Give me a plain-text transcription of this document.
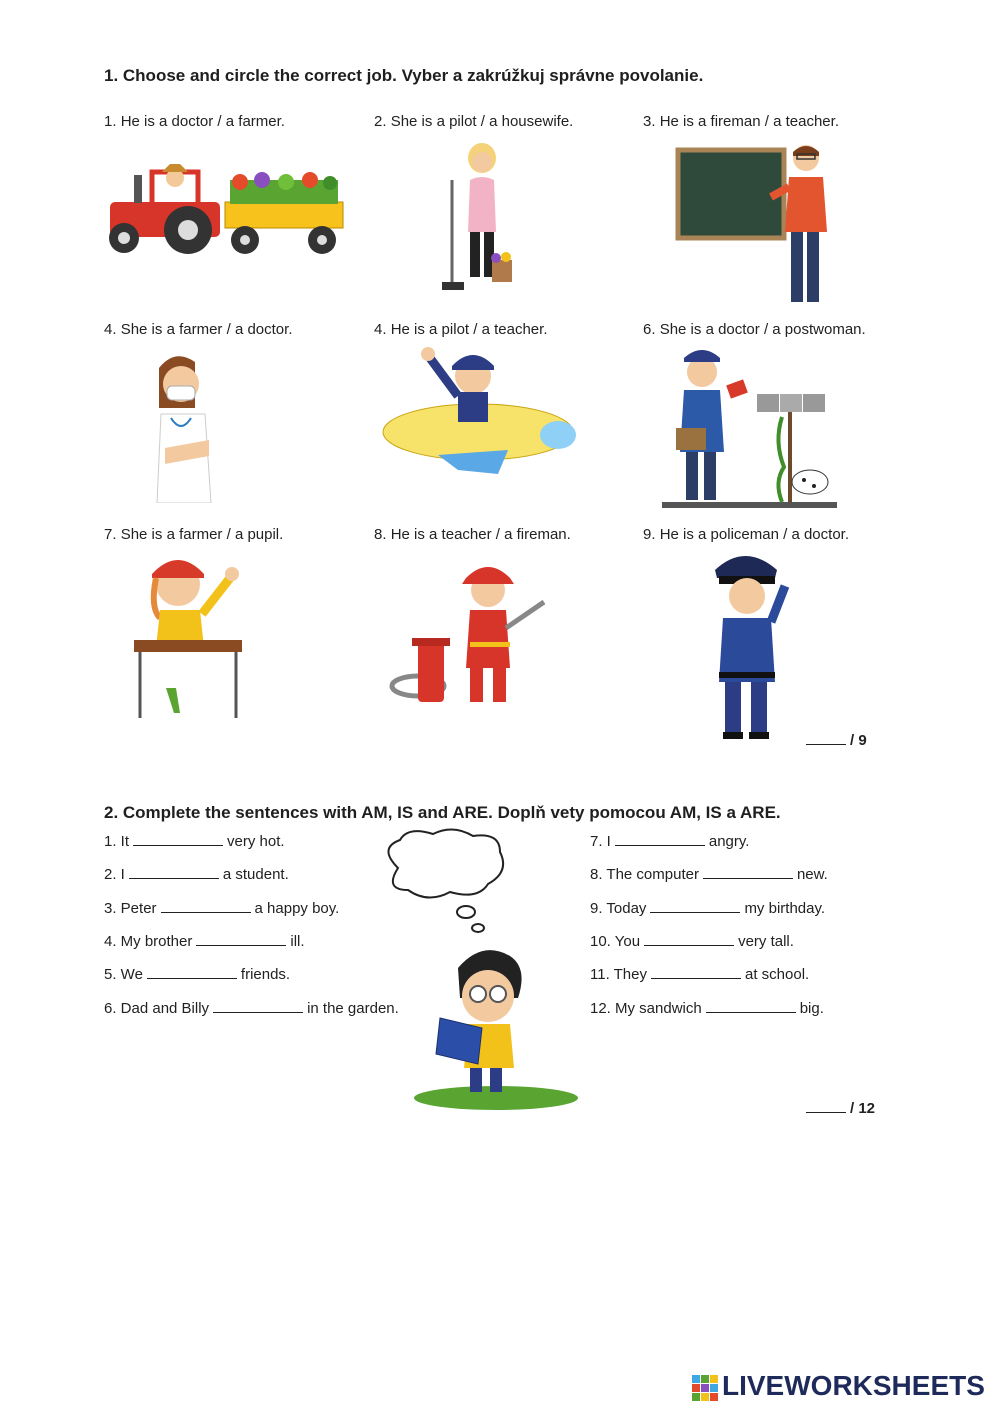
1. Choose and circle the correct job. Vyber a zakrúžkuj správne povolanie.
1. He is a doctor / a farmer.	2. She is a pilot / a housewife.	3. He is a fireman / a teacher.
4. She is a farmer / a doctor.	4. He is a pilot / a teacher.	6. She is a doctor / a postwoman.
7. She is a farmer / a pupil.	8. He is a teacher / a fireman.	9. He is a policeman / a doctor.
/ 9
2. Complete the sentences with AM, IS and ARE. Doplň vety pomocou AM, IS a ARE.
1. It	very hot.
2. I	a student.
3. Peter	a happy boy.
4. My brother	ill.
5. We	friends.
6. Dad and Billy	in the garden.
7. I	angry.
8. The computer	new.
9. Today	my birthday.
10. You	very tall.
11. They	at school.
12. My sandwich	big.
/ 12
LIVEWORKSHEETS
